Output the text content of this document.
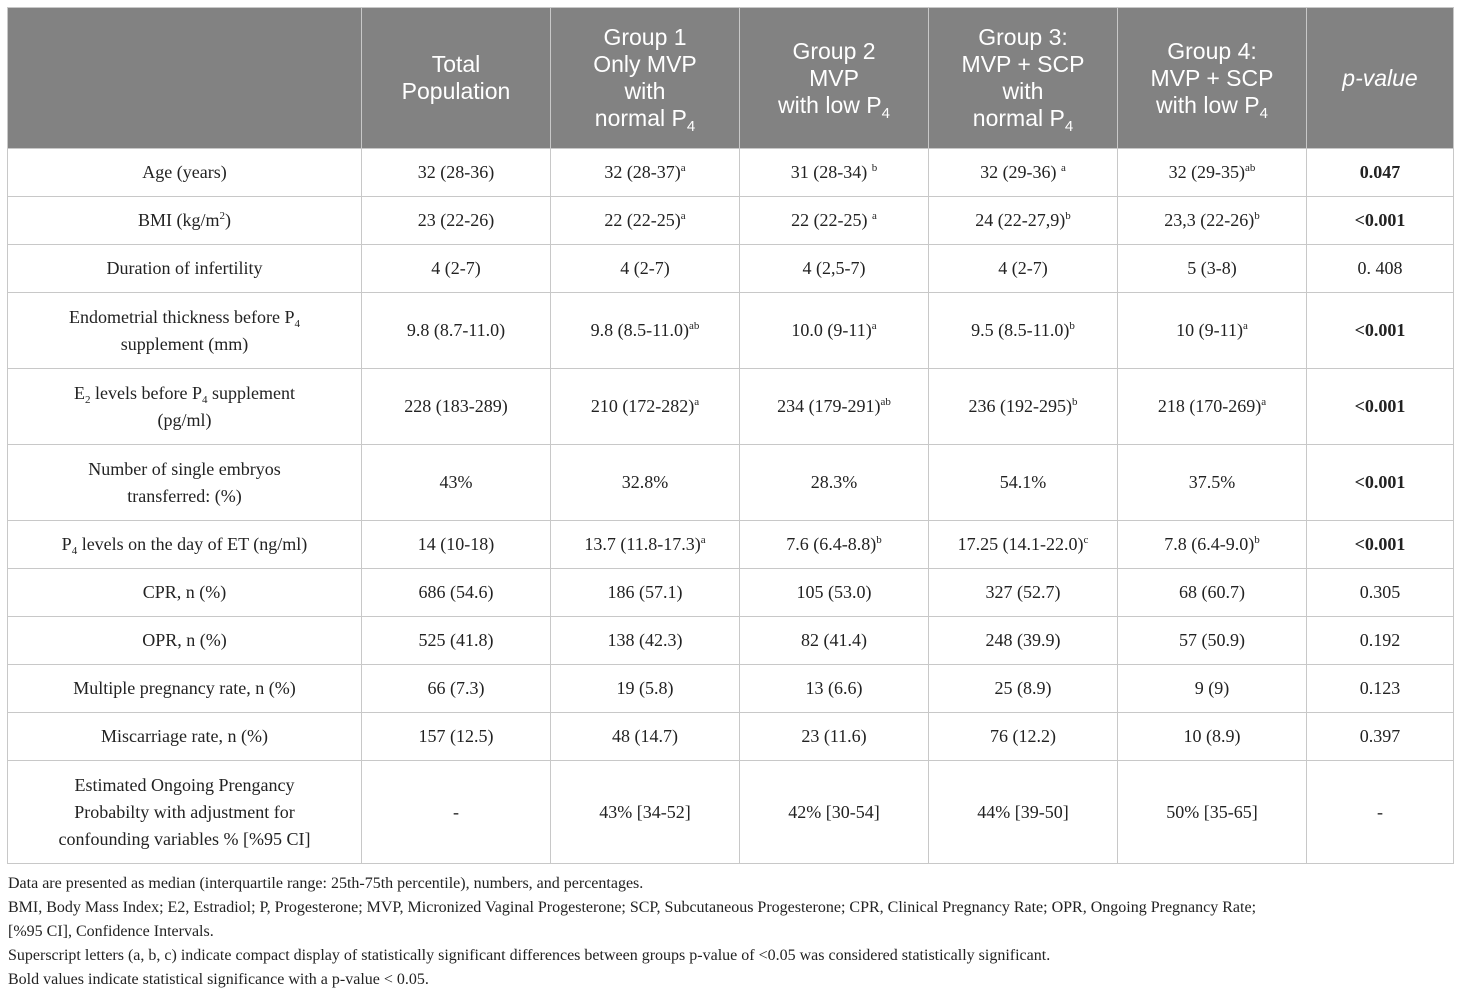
	Total
Population	Group 1
Only MVP
with
normal $P_4$	Group 2
MVP
with low $P_4$	Group 3:
MVP + SCP
with
normal $P_4$	Group 4:
MVP + SCP
with low $P_4$	p-value
Age (years)	32 (28-36)	32 $(28-37)^a$	31 (28-34) $^b$	32 (29-36) $^a$	32 $(29-35)^{ab}$	0.047
BMI $(kg/m^2)$	23 (22-26)	22 $(22-25)^a$	22 (22-25) $^a$	24 $(22-27,9)^b$	23,3 $(22-26)^b$	<0.001
Duration of infertility	4 (2-7)	4 (2-7)	4 (2,5-7)	4 (2-7)	5 (3-8)	0. 408
Endometrial thickness before $P_4$
supplement (mm)	9.8 (8.7-11.0)	9.8 $(8.5-11.0)^{ab}$	10.0 $(9-11)^a$	9.5 $(8.5-11.0)^b$	10 $(9-11)^a$	<0.001
$E_2$ levels before $P_4$ supplement
(pg/ml)	228 (183-289)	210 $(172-282)^a$	234 $(179-291)^{ab}$	236 $(192-295)^b$	218 $(170-269)^a$	<0.001
Number of single embryos
transferred: (%)	43%	32.8%	28.3%	54.1%	37.5%	<0.001
$P_4$ levels on the day of ET (ng/ml)	14 (10-18)	13.7 $(11.8-17.3)^a$	7.6 $(6.4-8.8)^b$	17.25 $(14.1-22.0)^c$	7.8 $(6.4-9.0)^b$	<0.001
CPR, n (%)	686 (54.6)	186 (57.1)	105 (53.0)	327 (52.7)	68 (60.7)	0.305
OPR, n (%)	525 (41.8)	138 (42.3)	82 (41.4)	248 (39.9)	57 (50.9)	0.192
Multiple pregnancy rate, n (%)	66 (7.3)	19 (5.8)	13 (6.6)	25 (8.9)	9 (9)	0.123
Miscarriage rate, n (%)	157 (12.5)	48 (14.7)	23 (11.6)	76 (12.2)	10 (8.9)	0.397
Estimated Ongoing Prengancy
Probabilty with adjustment for
confounding variables % [%95 CI]	-	43% [34-52]	42% [30-54]	44% [39-50]	50% [35-65]	-
Data are presented as median (interquartile range: 25th-75th percentile), numbers, and percentages.
BMI, Body Mass Index; E2, Estradiol; P, Progesterone; MVP, Micronized Vaginal Progesterone; SCP, Subcutaneous Progesterone; CPR, Clinical Pregnancy Rate; OPR, Ongoing Pregnancy Rate;
[%95 CI], Confidence Intervals.
Superscript letters (a, b, c) indicate compact display of statistically significant differences between groups p-value of <0.05 was considered statistically significant.
Bold values indicate statistical significance with a p-value < 0.05.
